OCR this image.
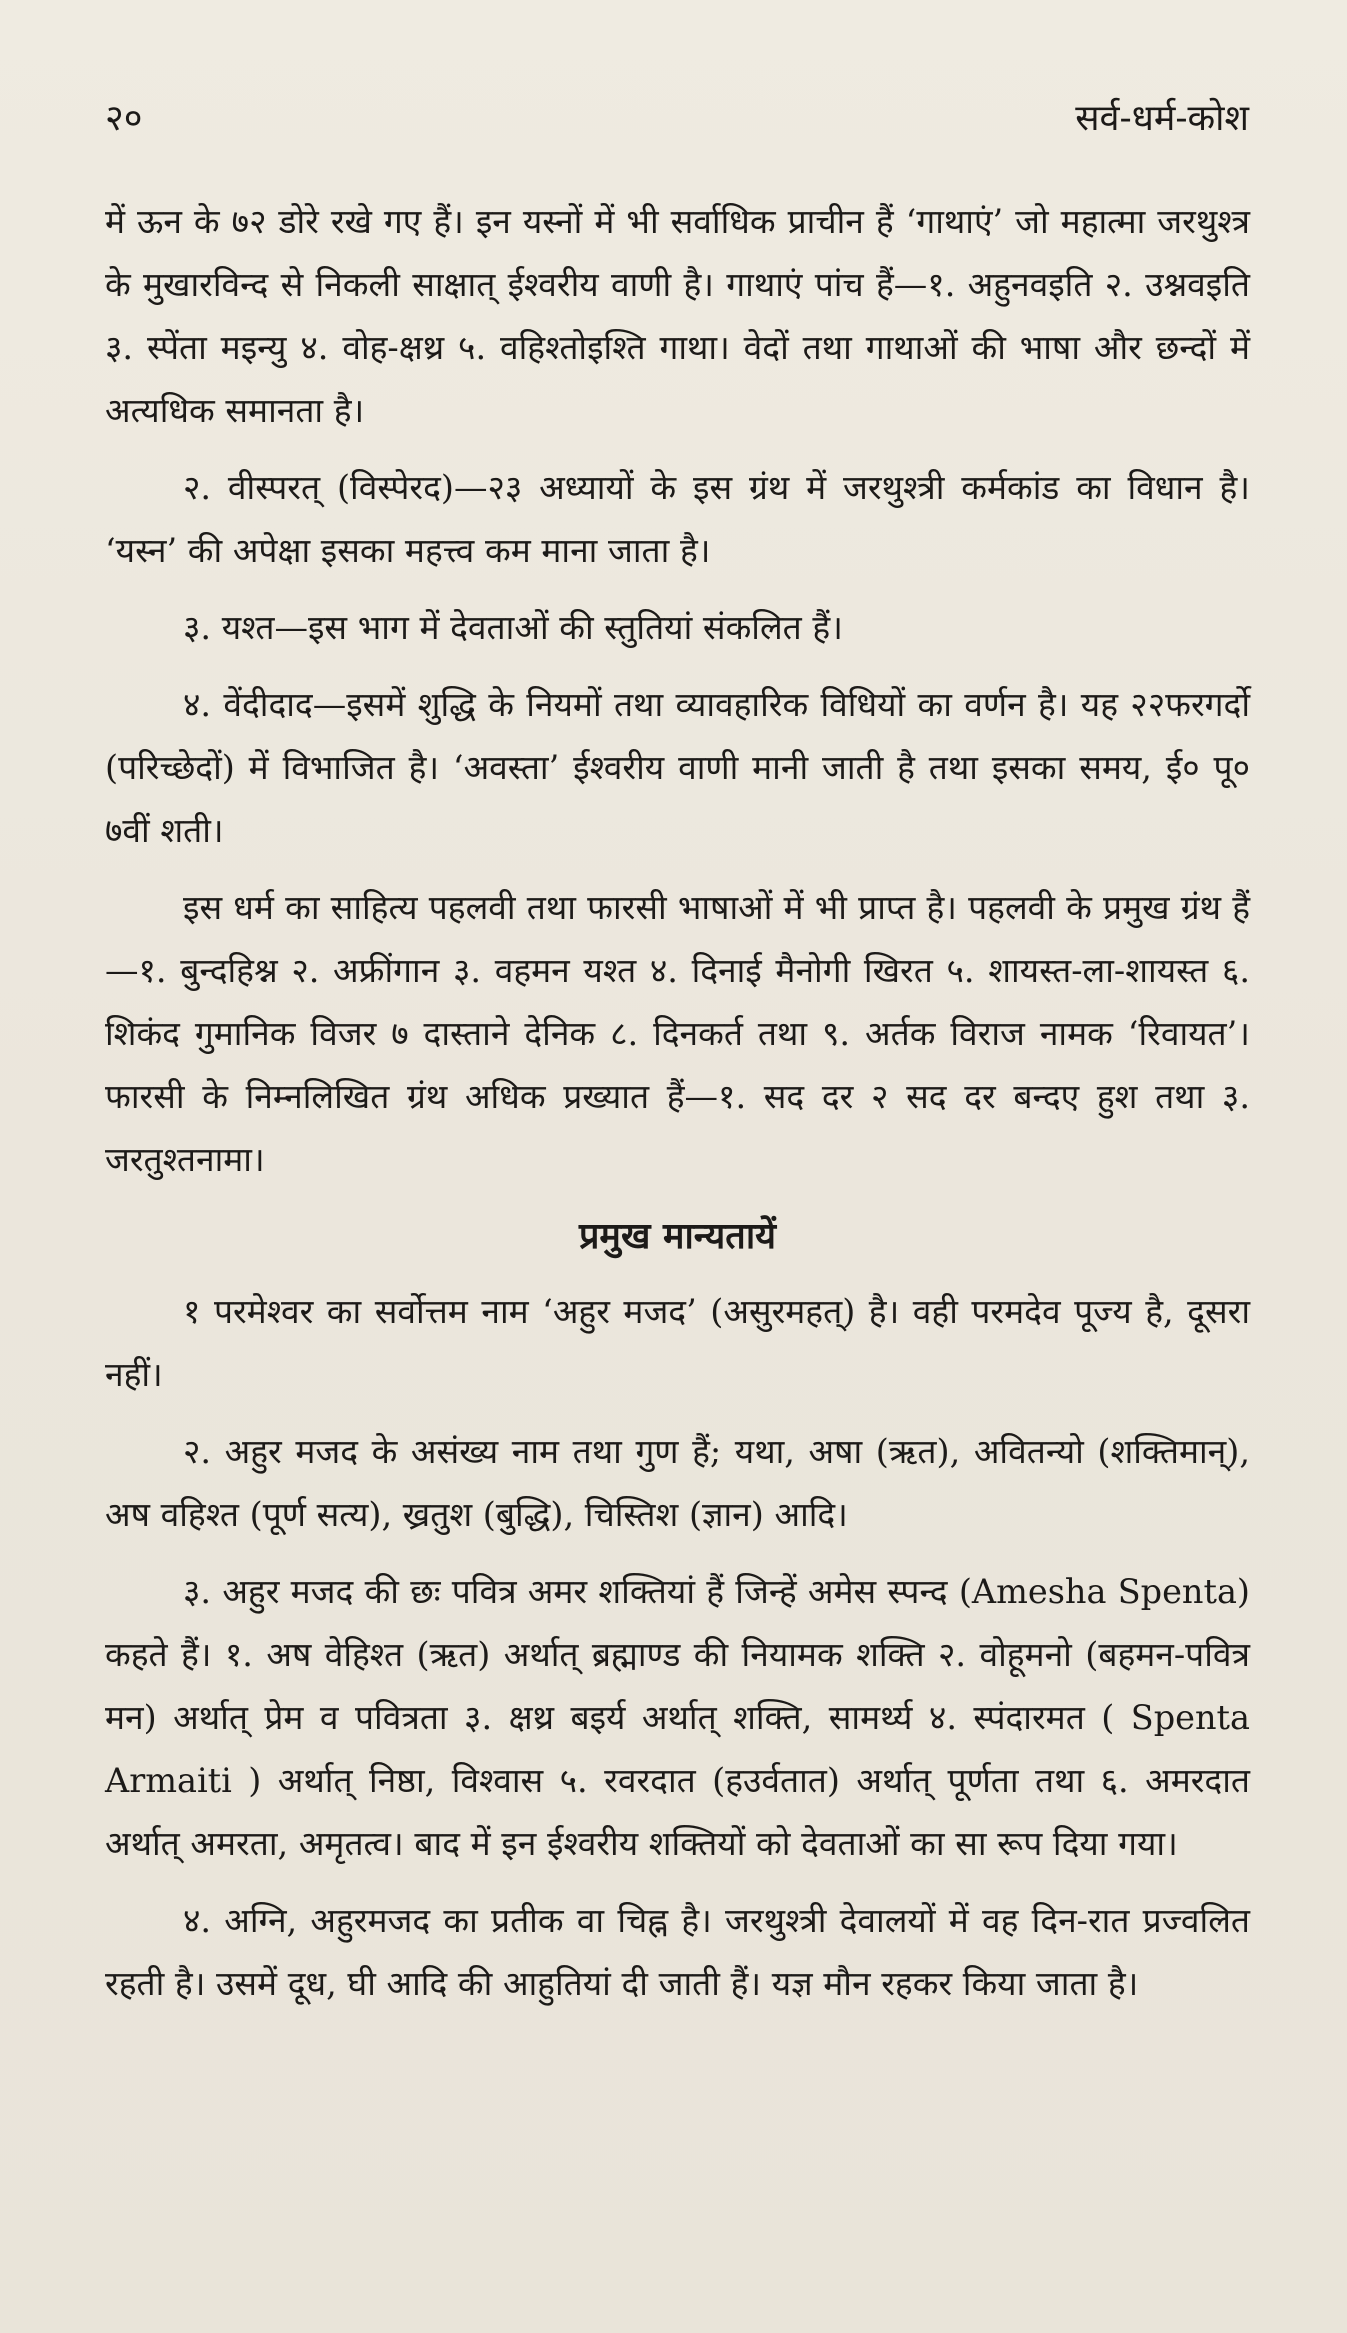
२०	सर्व-धर्म-कोश

में ऊन के ७२ डोरे रखे गए हैं। इन यस्नों में भी सर्वाधिक प्राचीन हैं ‘गाथाएं’ जो महात्मा जरथुश्त्र के मुखारविन्द से निकली साक्षात् ईश्वरीय वाणी है। गाथाएं पांच हैं—१. अहुनवइति २. उश्नवइति ३. स्पेंता मइन्यु ४. वोह-क्षथ्र ५. वहिश्तोइश्ति गाथा। वेदों तथा गाथाओं की भाषा और छन्दों में अत्यधिक समानता है।

२. वीस्परत् (विस्पेरद)—२३ अध्यायों के इस ग्रंथ में जरथुश्त्री कर्मकांड का विधान है। ‘यस्न’ की अपेक्षा इसका महत्त्व कम माना जाता है।

३. यश्त—इस भाग में देवताओं की स्तुतियां संकलित हैं।

४. वेंदीदाद—इसमें शुद्धि के नियमों तथा व्यावहारिक विधियों का वर्णन है। यह २२फरगर्दो (परिच्छेदों) में विभाजित है। ‘अवस्ता’ ईश्वरीय वाणी मानी जाती है तथा इसका समय, ई० पू० ७वीं शती।

इस धर्म का साहित्य पहलवी तथा फारसी भाषाओं में भी प्राप्त है। पहलवी के प्रमुख ग्रंथ हैं—१. बुन्दहिश्न २. अफ्रींगान ३. वहमन यश्त ४. दिनाई मैनोगी खिरत ५. शायस्त-ला-शायस्त ६. शिकंद गुमानिक विजर ७ दास्ताने देनिक ८. दिनकर्त तथा ९. अर्तक विराज नामक ‘रिवायत’। फारसी के निम्नलिखित ग्रंथ अधिक प्रख्यात हैं—१. सद दर २ सद दर बन्दए हुश तथा ३. जरतुश्तनामा।

प्रमुख मान्यतायें

१ परमेश्वर का सर्वोत्तम नाम ‘अहुर मजद’ (असुरमहत्) है। वही परमदेव पूज्य है, दूसरा नहीं।

२. अहुर मजद के असंख्य नाम तथा गुण हैं; यथा, अषा (ऋत), अवितन्यो (शक्तिमान्), अष वहिश्त (पूर्ण सत्य), ख्रतुश (बुद्धि), चिस्तिश (ज्ञान) आदि।

३. अहुर मजद की छः पवित्र अमर शक्तियां हैं जिन्हें अमेस स्पन्द (Amesha Spenta) कहते हैं। १. अष वेहिश्त (ऋत) अर्थात् ब्रह्माण्ड की नियामक शक्ति २. वोहूमनो (बहमन-पवित्र मन) अर्थात् प्रेम व पवित्रता ३. क्षथ्र बइर्य अर्थात् शक्ति, सामर्थ्य ४. स्पंदारमत ( Spenta Armaiti ) अर्थात् निष्ठा, विश्वास ५. रवरदात (हउर्वतात) अर्थात् पूर्णता तथा ६. अमरदात अर्थात् अमरता, अमृतत्व। बाद में इन ईश्वरीय शक्तियों को देवताओं का सा रूप दिया गया।

४. अग्नि, अहुरमजद का प्रतीक वा चिह्न है। जरथुश्त्री देवालयों में वह दिन-रात प्रज्वलित रहती है। उसमें दूध, घी आदि की आहुतियां दी जाती हैं। यज्ञ मौन रहकर किया जाता है।
